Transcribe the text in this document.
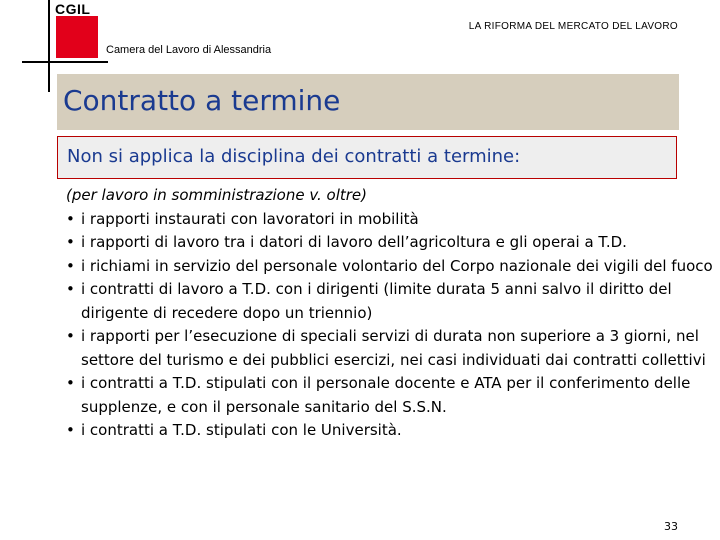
CGIL
LA RIFORMA DEL MERCATO DEL LAVORO
Camera del Lavoro di Alessandria
Contratto a termine
Non si applica la disciplina dei contratti a termine:
(per lavoro in somministrazione v. oltre)
• i rapporti instaurati con lavoratori in mobilità
• i rapporti di lavoro tra i datori di lavoro dell’agricoltura e gli operai a T.D.
• i richiami in servizio del personale volontario del Corpo nazionale dei vigili del fuoco
• i contratti di lavoro a T.D. con i dirigenti (limite durata 5 anni salvo il diritto del dirigente di recedere dopo un triennio)
• i rapporti per l’esecuzione di speciali servizi di durata non superiore a 3 giorni, nel settore del turismo e dei pubblici esercizi, nei casi individuati dai contratti collettivi
• i contratti a T.D. stipulati con il personale docente e ATA per il conferimento delle supplenze, e con il personale sanitario del S.S.N.
• i contratti a T.D. stipulati con le Università.
33
